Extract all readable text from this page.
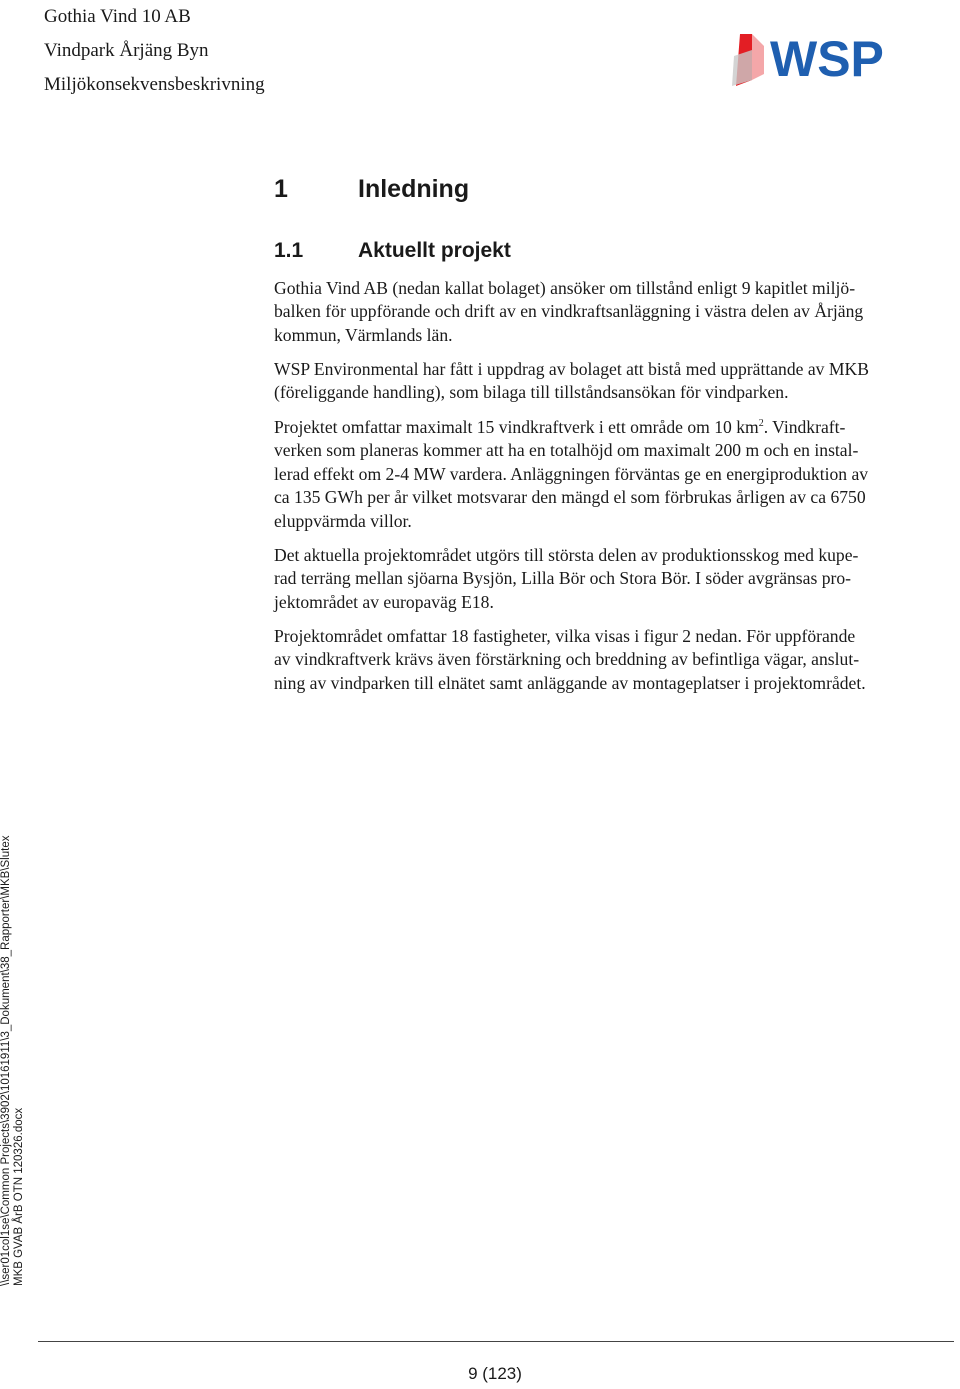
Gothia Vind 10 AB
Vindpark Årjäng Byn
Miljökonsekvensbeskrivning	WSP
1	Inledning
1.1	Aktuellt projekt
Gothia Vind AB (nedan kallat bolaget) ansöker om tillstånd enligt 9 kapitlet miljö-
balken för uppförande och drift av en vindkraftsanläggning i västra delen av Årjäng
kommun, Värmlands län.
WSP Environmental har fått i uppdrag av bolaget att bistå med upprättande av MKB
(föreliggande handling), som bilaga till tillståndsansökan för vindparken.
Projektet omfattar maximalt 15 vindkraftverk i ett område om 10 $km^2$. Vindkraft-
verken som planeras kommer att ha en totalhöjd om maximalt 200 m och en instal-
lerad effekt om 2-4 MW vardera. Anläggningen förväntas ge en energiproduktion av
ca 135 GWh per år vilket motsvarar den mängd el som förbrukas årligen av ca 6750
eluppvärmda villor.
Det aktuella projektområdet utgörs till största delen av produktionsskog med kupe-
rad terräng mellan sjöarna Bysjön, Lilla Bör och Stora Bör. I söder avgränsas pro-
jektområdet av europaväg E18.
Projektområdet omfattar 18 fastigheter, vilka visas i figur 2 nedan. För uppförande
av vindkraftverk krävs även förstärkning och breddning av befintliga vägar, anslut-
ning av vindparken till elnätet samt anläggande av montageplatser i projektområdet.
\\ser01col1se\Common Projects\3902\10161911\3_Dokument\38_Rapporter\MKB\Slutex MKB GVAB ÅrB OTN 120326.docx
9 (123)
